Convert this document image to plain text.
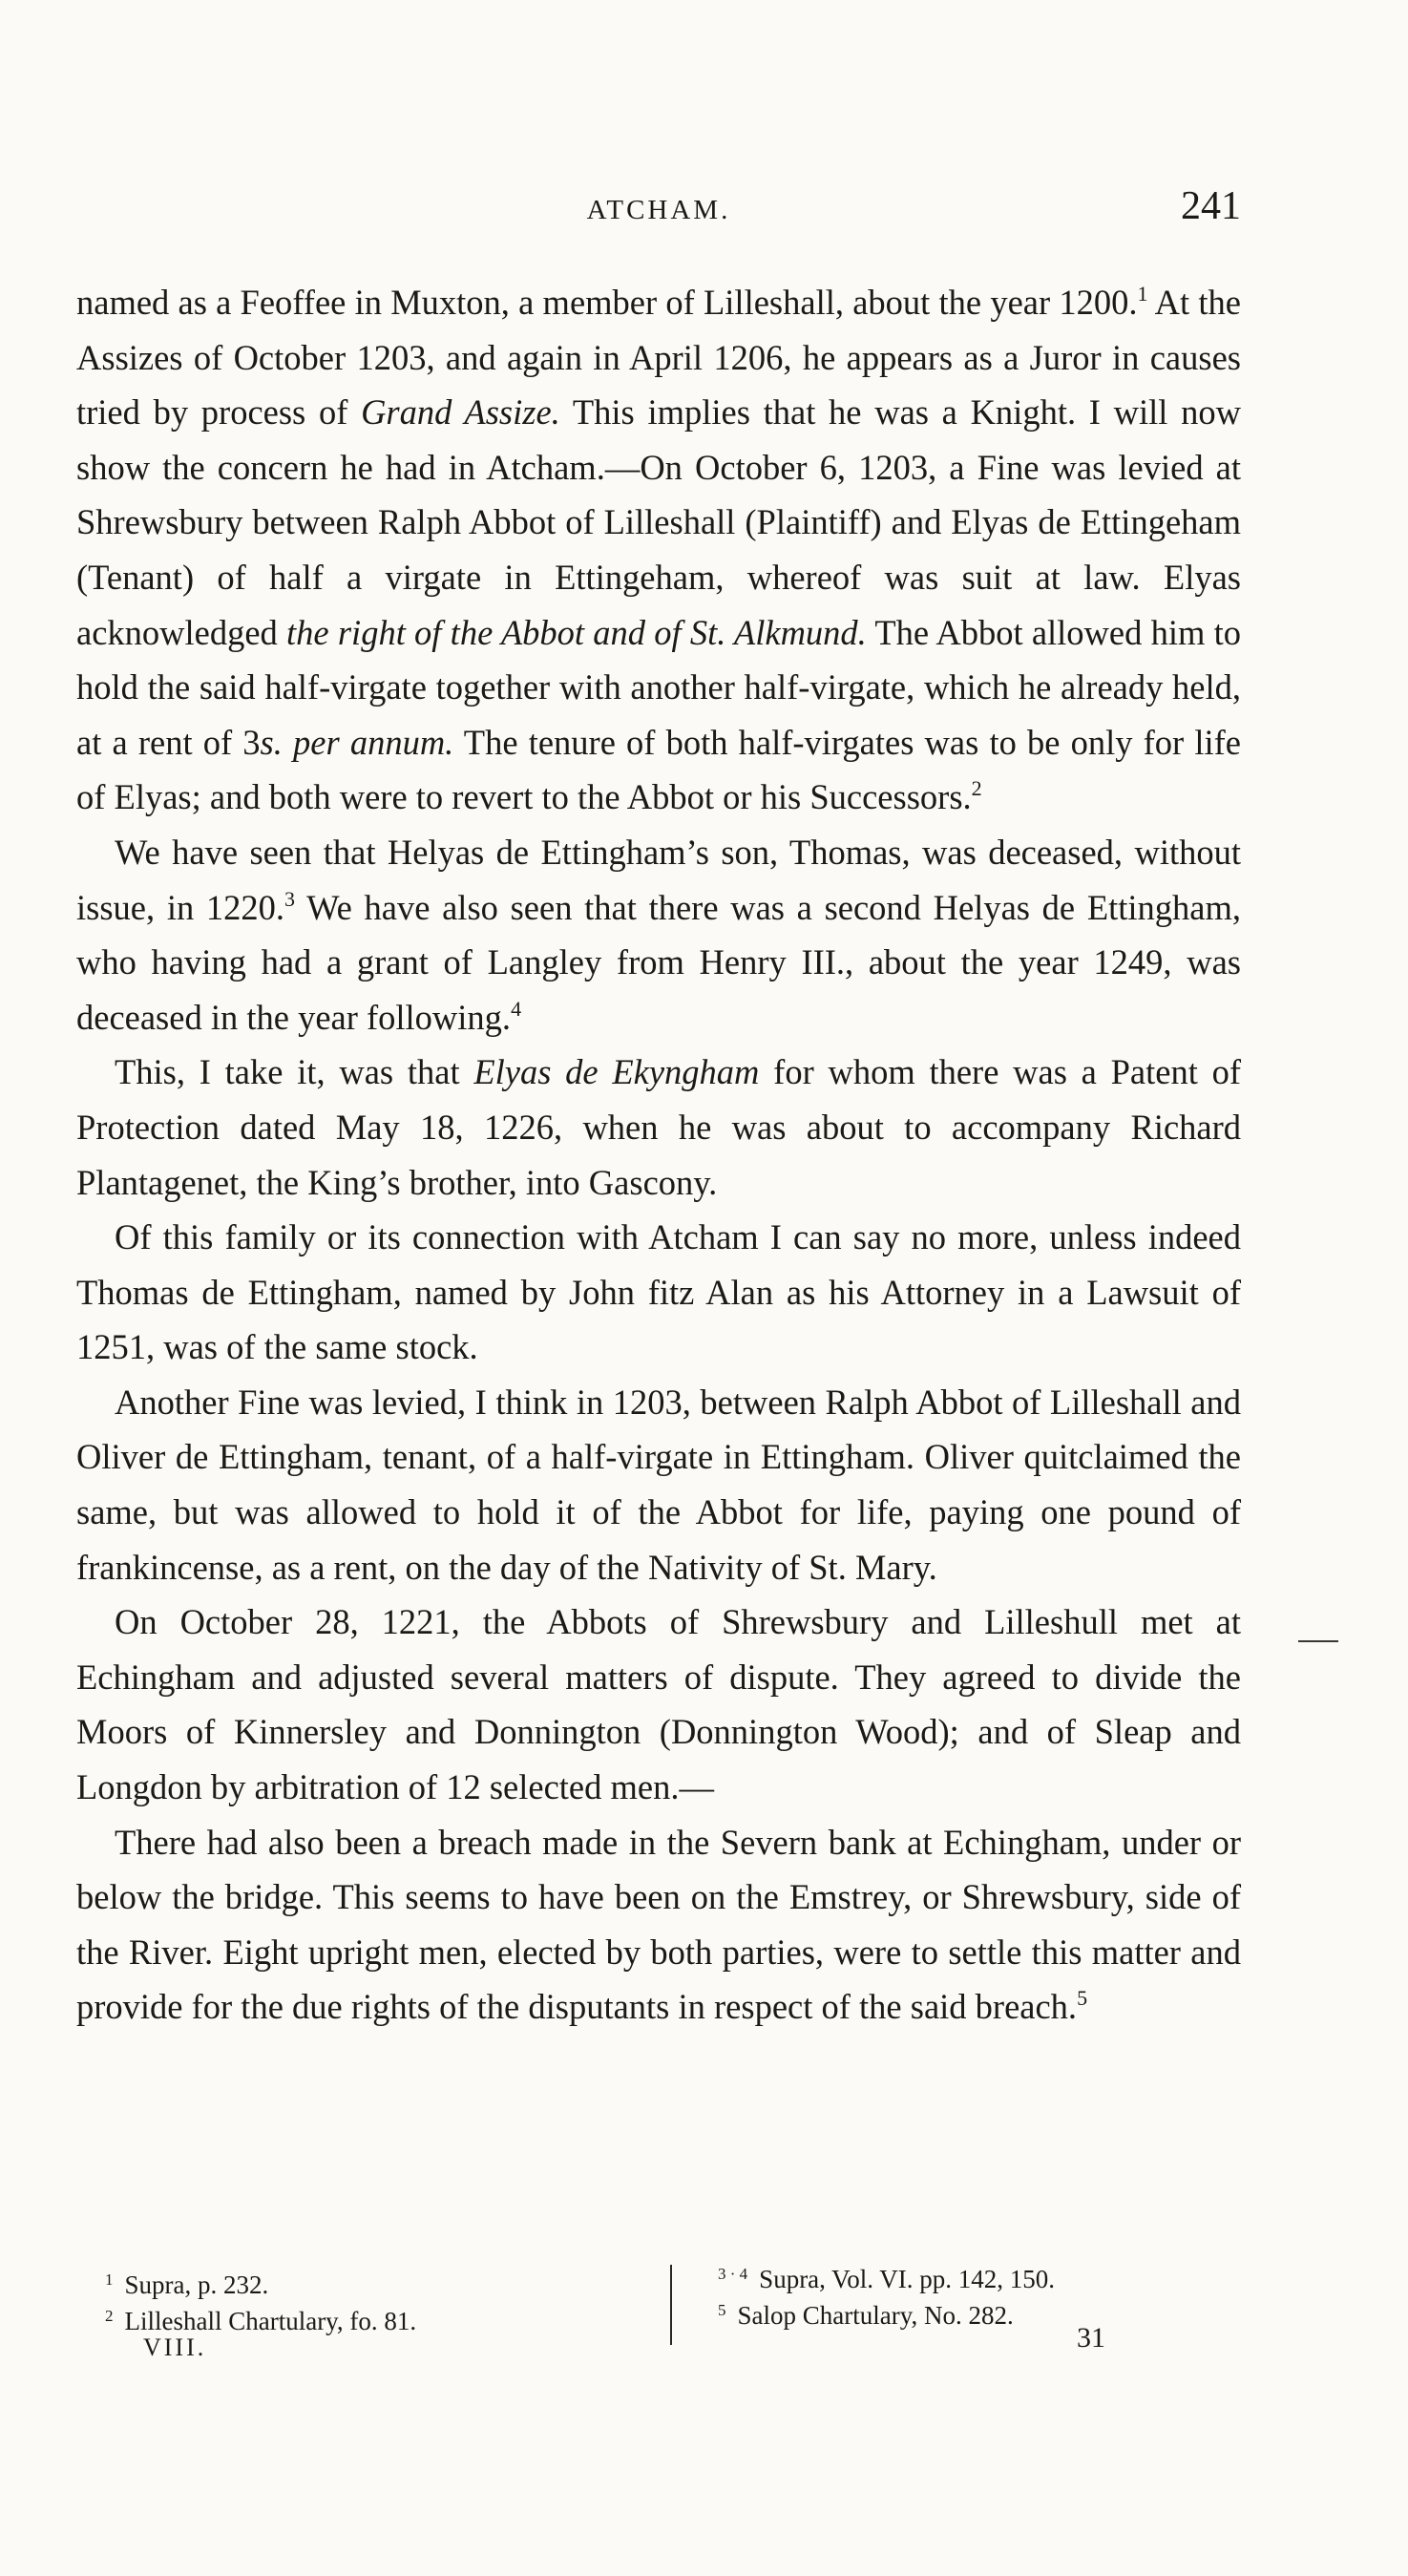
ATCHAM.	241

named as a Feoffee in Muxton, a member of Lilleshall, about the year 1200.$^1$ At the Assizes of October 1203, and again in April 1206, he appears as a Juror in causes tried by process of Grand Assize. This implies that he was a Knight. I will now show the concern he had in Atcham.—On October 6, 1203, a Fine was levied at Shrewsbury between Ralph Abbot of Lilleshall (Plaintiff) and Elyas de Ettingeham (Tenant) of half a virgate in Ettingeham, whereof was suit at law. Elyas acknowledged the right of the Abbot and of St. Alkmund. The Abbot allowed him to hold the said half-virgate together with another half-virgate, which he already held, at a rent of 3s. per annum. The tenure of both half-virgates was to be only for life of Elyas; and both were to revert to the Abbot or his Successors.$^2$

We have seen that Helyas de Ettingham’s son, Thomas, was deceased, without issue, in 1220.$^3$ We have also seen that there was a second Helyas de Ettingham, who having had a grant of Langley from Henry III., about the year 1249, was deceased in the year following.$^4$

This, I take it, was that Elyas de Ekyngham for whom there was a Patent of Protection dated May 18, 1226, when he was about to accompany Richard Plantagenet, the King’s brother, into Gascony.

Of this family or its connection with Atcham I can say no more, unless indeed Thomas de Ettingham, named by John fitz Alan as his Attorney in a Lawsuit of 1251, was of the same stock.

Another Fine was levied, I think in 1203, between Ralph Abbot of Lilleshall and Oliver de Ettingham, tenant, of a half-virgate in Ettingham. Oliver quitclaimed the same, but was allowed to hold it of the Abbot for life, paying one pound of frankincense, as a rent, on the day of the Nativity of St. Mary.

On October 28, 1221, the Abbots of Shrewsbury and Lilleshull met at Echingham and adjusted several matters of dispute. They agreed to divide the Moors of Kinnersley and Donnington (Donnington Wood); and of Sleap and Longdon by arbitration of 12 selected men.—

There had also been a breach made in the Severn bank at Echingham, under or below the bridge. This seems to have been on the Emstrey, or Shrewsbury, side of the River. Eight upright men, elected by both parties, were to settle this matter and provide for the due rights of the disputants in respect of the said breach.$^5$

$^1$ Supra, p. 232.

$^2$ Lilleshall Chartulary, fo. 81.

$^{3 \cdot 4}$ Supra, Vol. VI. pp. 142, 150.

$^5$ Salop Chartulary, No. 282.

VIII.	31
